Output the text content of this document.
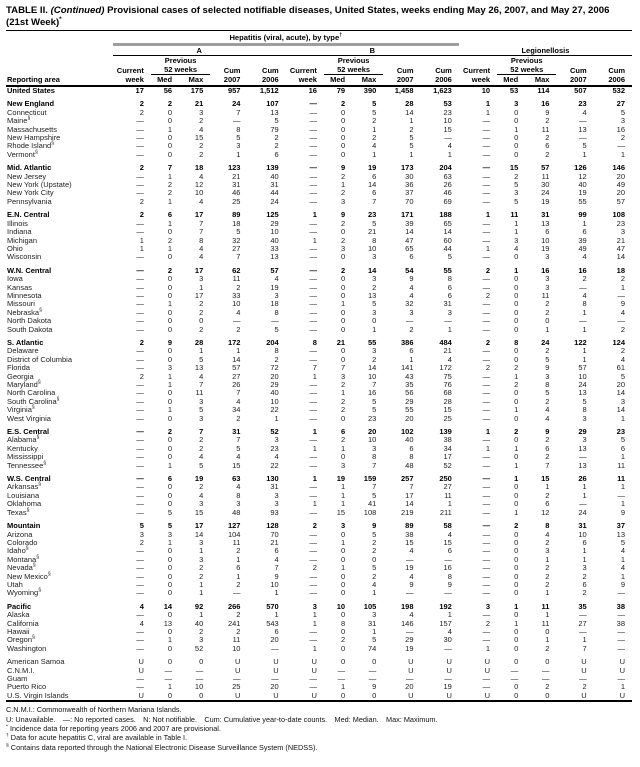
TABLE II. (Continued) Provisional cases of selected notifiable diseases, United States, weeks ending May 26, 2007, and May 27, 2006 (21st Week)*
	Hepatitis (viral, acute), by type†	
	A					B					Legionellosis				
		Previous					Previous					Previous			
	Current	52 weeks		Cum	Cum	Current	52 weeks		Cum	Cum	Current	52 weeks		Cum	Cum
Reporting area	week	Med	Max	2007	2006	week	Med	Max	2007	2006	week	Med	Max	2007	2006
United States	17	56	175	957	1,512	16	79	390	1,458	1,623	10	53	114	507	532
New England	2	2	21	24	107	—	2	5	28	53	1	3	16	23	27
Connecticut	2	0	3	7	13	—	0	5	14	23	1	0	9	4	5
Maine§	—	0	2	—	5	—	0	2	1	10	—	0	2	—	3
Massachusetts	—	1	4	8	79	—	0	1	2	15	—	1	11	13	16
New Hampshire	—	0	15	5	2	—	0	2	5	—	—	0	2	—	2
Rhode Island§	—	0	2	3	2	—	0	4	5	4	—	0	6	5	—
Vermont§	—	0	2	1	6	—	0	1	1	1	—	0	2	1	1
Mid. Atlantic	2	7	18	123	139	—	9	19	173	204	—	15	57	126	146
New Jersey	—	1	4	21	40	—	2	6	30	63	—	2	11	12	20
New York (Upstate)	—	2	12	31	31	—	1	14	36	26	—	5	30	40	49
New York City	—	2	10	46	44	—	2	6	37	46	—	3	24	19	20
Pennsylvania	2	1	4	25	24	—	3	7	70	69	—	5	19	55	57
E.N. Central	2	6	17	89	125	1	9	23	171	188	1	11	31	99	108
Illinois	—	1	7	18	29	—	2	5	39	65	—	1	13	1	23
Indiana	—	0	7	5	10	—	0	21	14	14	—	1	6	6	3
Michigan	1	2	8	32	40	1	2	8	47	60	—	3	10	39	21
Ohio	1	1	4	27	33	—	3	10	65	44	1	4	19	49	47
Wisconsin	—	0	4	7	13	—	0	3	6	5	—	0	3	4	14
W.N. Central	—	2	17	62	57	—	2	14	54	55	2	1	16	16	18
Iowa	—	0	3	11	4	—	0	3	9	8	—	0	3	2	2
Kansas	—	0	1	2	19	—	0	2	4	6	—	0	3	—	1
Minnesota	—	0	17	33	3	—	0	13	4	6	2	0	11	4	—
Missouri	—	1	2	10	18	—	1	5	32	31	—	0	2	8	9
Nebraska§	—	0	2	4	8	—	0	3	3	3	—	0	2	1	4
North Dakota	—	0	0	—	—	—	0	0	—	—	—	0	0	—	—
South Dakota	—	0	2	2	5	—	0	1	2	1	—	0	1	1	2
S. Atlantic	2	9	28	172	204	8	21	55	386	484	2	8	24	122	124
Delaware	—	0	1	1	8	—	0	3	6	21	—	0	2	1	2
District of Columbia	—	0	5	14	2	—	0	2	1	4	—	0	5	1	4
Florida	—	3	13	57	72	7	7	14	141	172	2	2	9	57	61
Georgia	2	1	4	27	20	1	3	10	43	75	—	1	3	10	5
Maryland§	—	1	7	26	29	—	2	7	35	76	—	2	8	24	20
North Carolina	—	0	11	7	40	—	1	16	56	68	—	0	5	13	14
South Carolina§	—	0	3	4	10	—	2	5	29	28	—	0	2	5	3
Virginia§	—	1	5	34	22	—	2	5	55	15	—	1	4	8	14
West Virginia	—	0	3	2	1	—	0	23	20	25	—	0	4	3	1
E.S. Central	—	2	7	31	52	1	6	20	102	139	1	2	9	29	23
Alabama§	—	0	2	7	3	—	2	10	40	38	—	0	2	3	5
Kentucky	—	0	2	5	23	1	1	3	6	34	1	1	6	13	6
Mississippi	—	0	4	4	4	—	0	8	8	17	—	0	2	—	1
Tennessee§	—	1	5	15	22	—	3	7	48	52	—	1	7	13	11
W.S. Central	—	6	19	63	130	1	19	159	257	250	—	1	15	26	11
Arkansas§	—	0	2	4	31	—	1	7	7	27	—	0	1	1	1
Louisiana	—	0	4	8	3	—	1	5	17	11	—	0	2	1	—
Oklahoma	—	0	3	3	3	1	1	41	14	1	—	0	6	—	1
Texas§	—	5	15	48	93	—	15	108	219	211	—	1	12	24	9
Mountain	5	5	17	127	128	2	3	9	89	58	—	2	8	31	37
Arizona	3	3	14	104	70	—	0	5	38	4	—	0	4	10	13
Colorado	2	1	3	11	21	—	1	2	15	15	—	0	2	6	5
Idaho§	—	0	1	2	6	—	0	2	4	6	—	0	3	1	4
Montana§	—	0	3	1	4	—	0	0	—	—	—	0	1	1	1
Nevada§	—	0	2	6	7	2	1	5	19	16	—	0	2	3	4
New Mexico§	—	0	2	1	9	—	0	2	4	8	—	0	2	2	1
Utah	—	0	1	2	10	—	0	4	9	9	—	0	2	6	9
Wyoming§	—	0	1	—	1	—	0	1	—	—	—	0	1	2	—
Pacific	4	14	92	266	570	3	10	105	198	192	3	1	11	35	38
Alaska	—	0	1	2	1	1	0	3	4	1	—	0	1	—	—
California	4	13	40	241	543	1	8	31	146	157	2	1	11	27	38
Hawaii	—	0	2	2	6	—	0	1	—	4	—	0	0	—	—
Oregon§	—	1	3	11	20	—	2	5	29	30	—	0	1	1	—
Washington	—	0	52	10	—	1	0	74	19	—	1	0	2	7	—
American Samoa	U	0	0	U	U	U	0	0	U	U	U	0	0	U	U
C.N.M.I.	U	—	—	U	U	U	—	—	U	U	U	—	—	U	U
Guam	—	—	—	—	—	—	—	—	—	—	—	—	—	—	—
Puerto Rico	—	1	10	25	20	—	1	9	20	19	—	0	2	2	1
U.S. Virgin Islands	U	0	0	U	U	U	0	0	U	U	U	0	0	U	U
C.N.M.I.: Commonwealth of Northern Mariana Islands.
U: Unavailable. —: No reported cases. N: Not notifiable. Cum: Cumulative year-to-date counts. Med: Median. Max: Maximum.
* Incidence data for reporting years 2006 and 2007 are provisional.
† Data for acute hepatitis C, viral are available in Table I.
§ Contains data reported through the National Electronic Disease Surveillance System (NEDSS).
